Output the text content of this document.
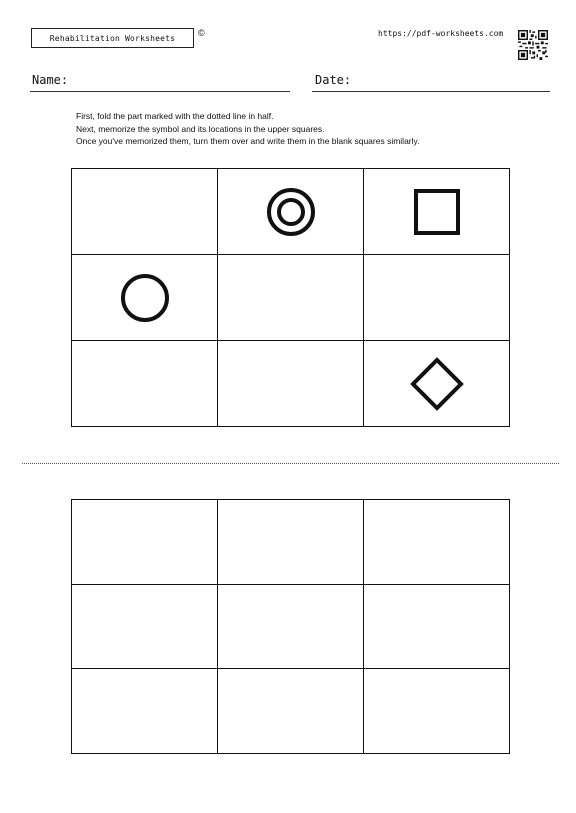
Rehabilitation Worksheets	©	https://pdf-worksheets.com
Name:	Date:
First, fold the part marked with the dotted line in half.
Next, memorize the symbol and its locations in the upper squares.
Once you've memorized them, turn them over and write them in the blank squares similarly.
